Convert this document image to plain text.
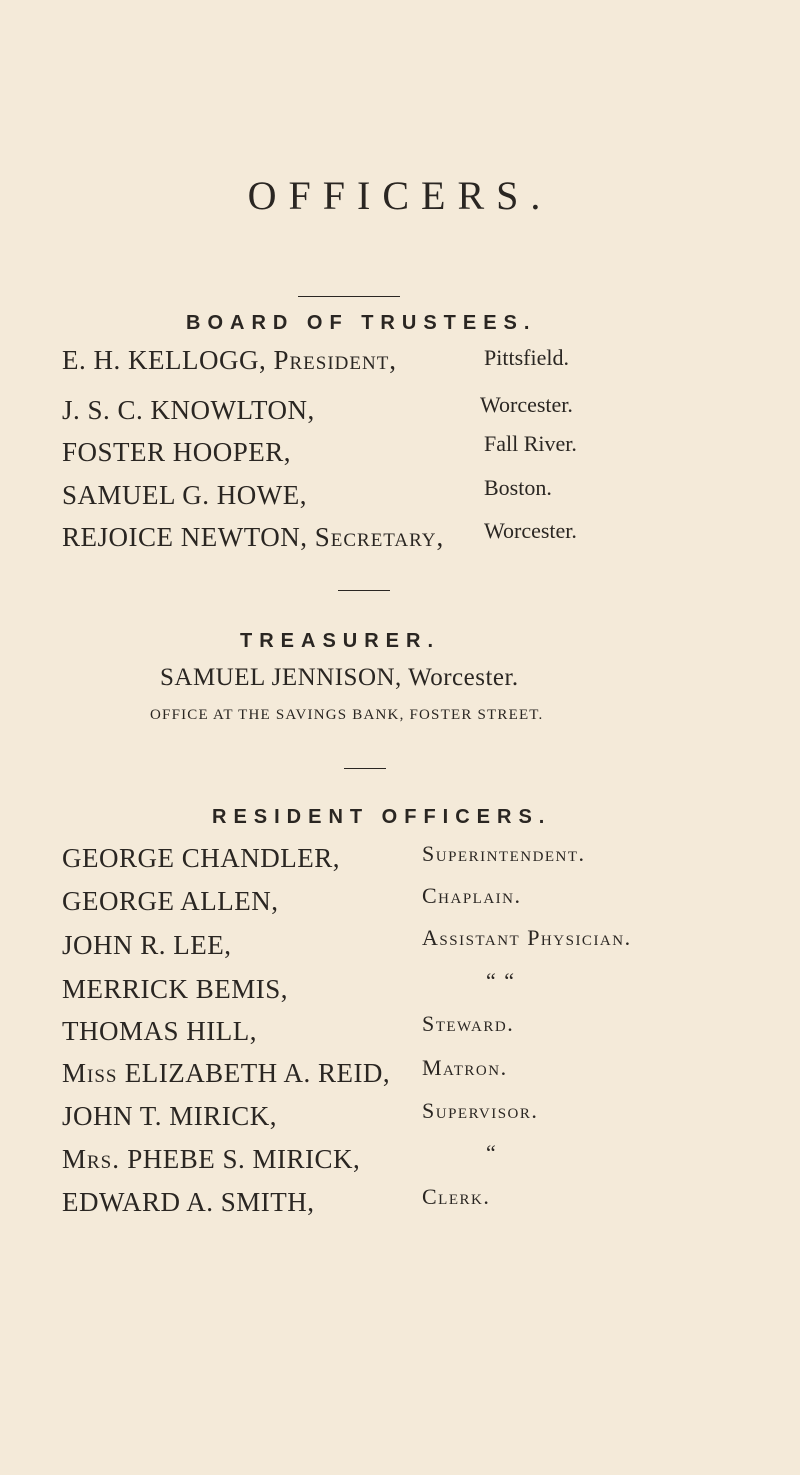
OFFICERS.
BOARD OF TRUSTEES.
E. H. KELLOGG, President,	Pittsfield.
J. S. C. KNOWLTON,	Worcester.
FOSTER HOOPER,	Fall River.
SAMUEL G. HOWE,	Boston.
REJOICE NEWTON, Secretary, Worcester.
TREASURER.
SAMUEL JENNISON, Worcester.
OFFICE AT THE SAVINGS BANK, FOSTER STREET.
RESIDENT OFFICERS.
GEORGE CHANDLER,	Superintendent.
GEORGE ALLEN,	Chaplain.
JOHN R. LEE,	Assistant Physician.
MERRICK BEMIS,	“ “
THOMAS HILL,	Steward.
Miss ELIZABETH A. REID, Matron.
JOHN T. MIRICK,	Supervisor.
Mrs. PHEBE S. MIRICK,	“
EDWARD A. SMITH,	Clerk.
